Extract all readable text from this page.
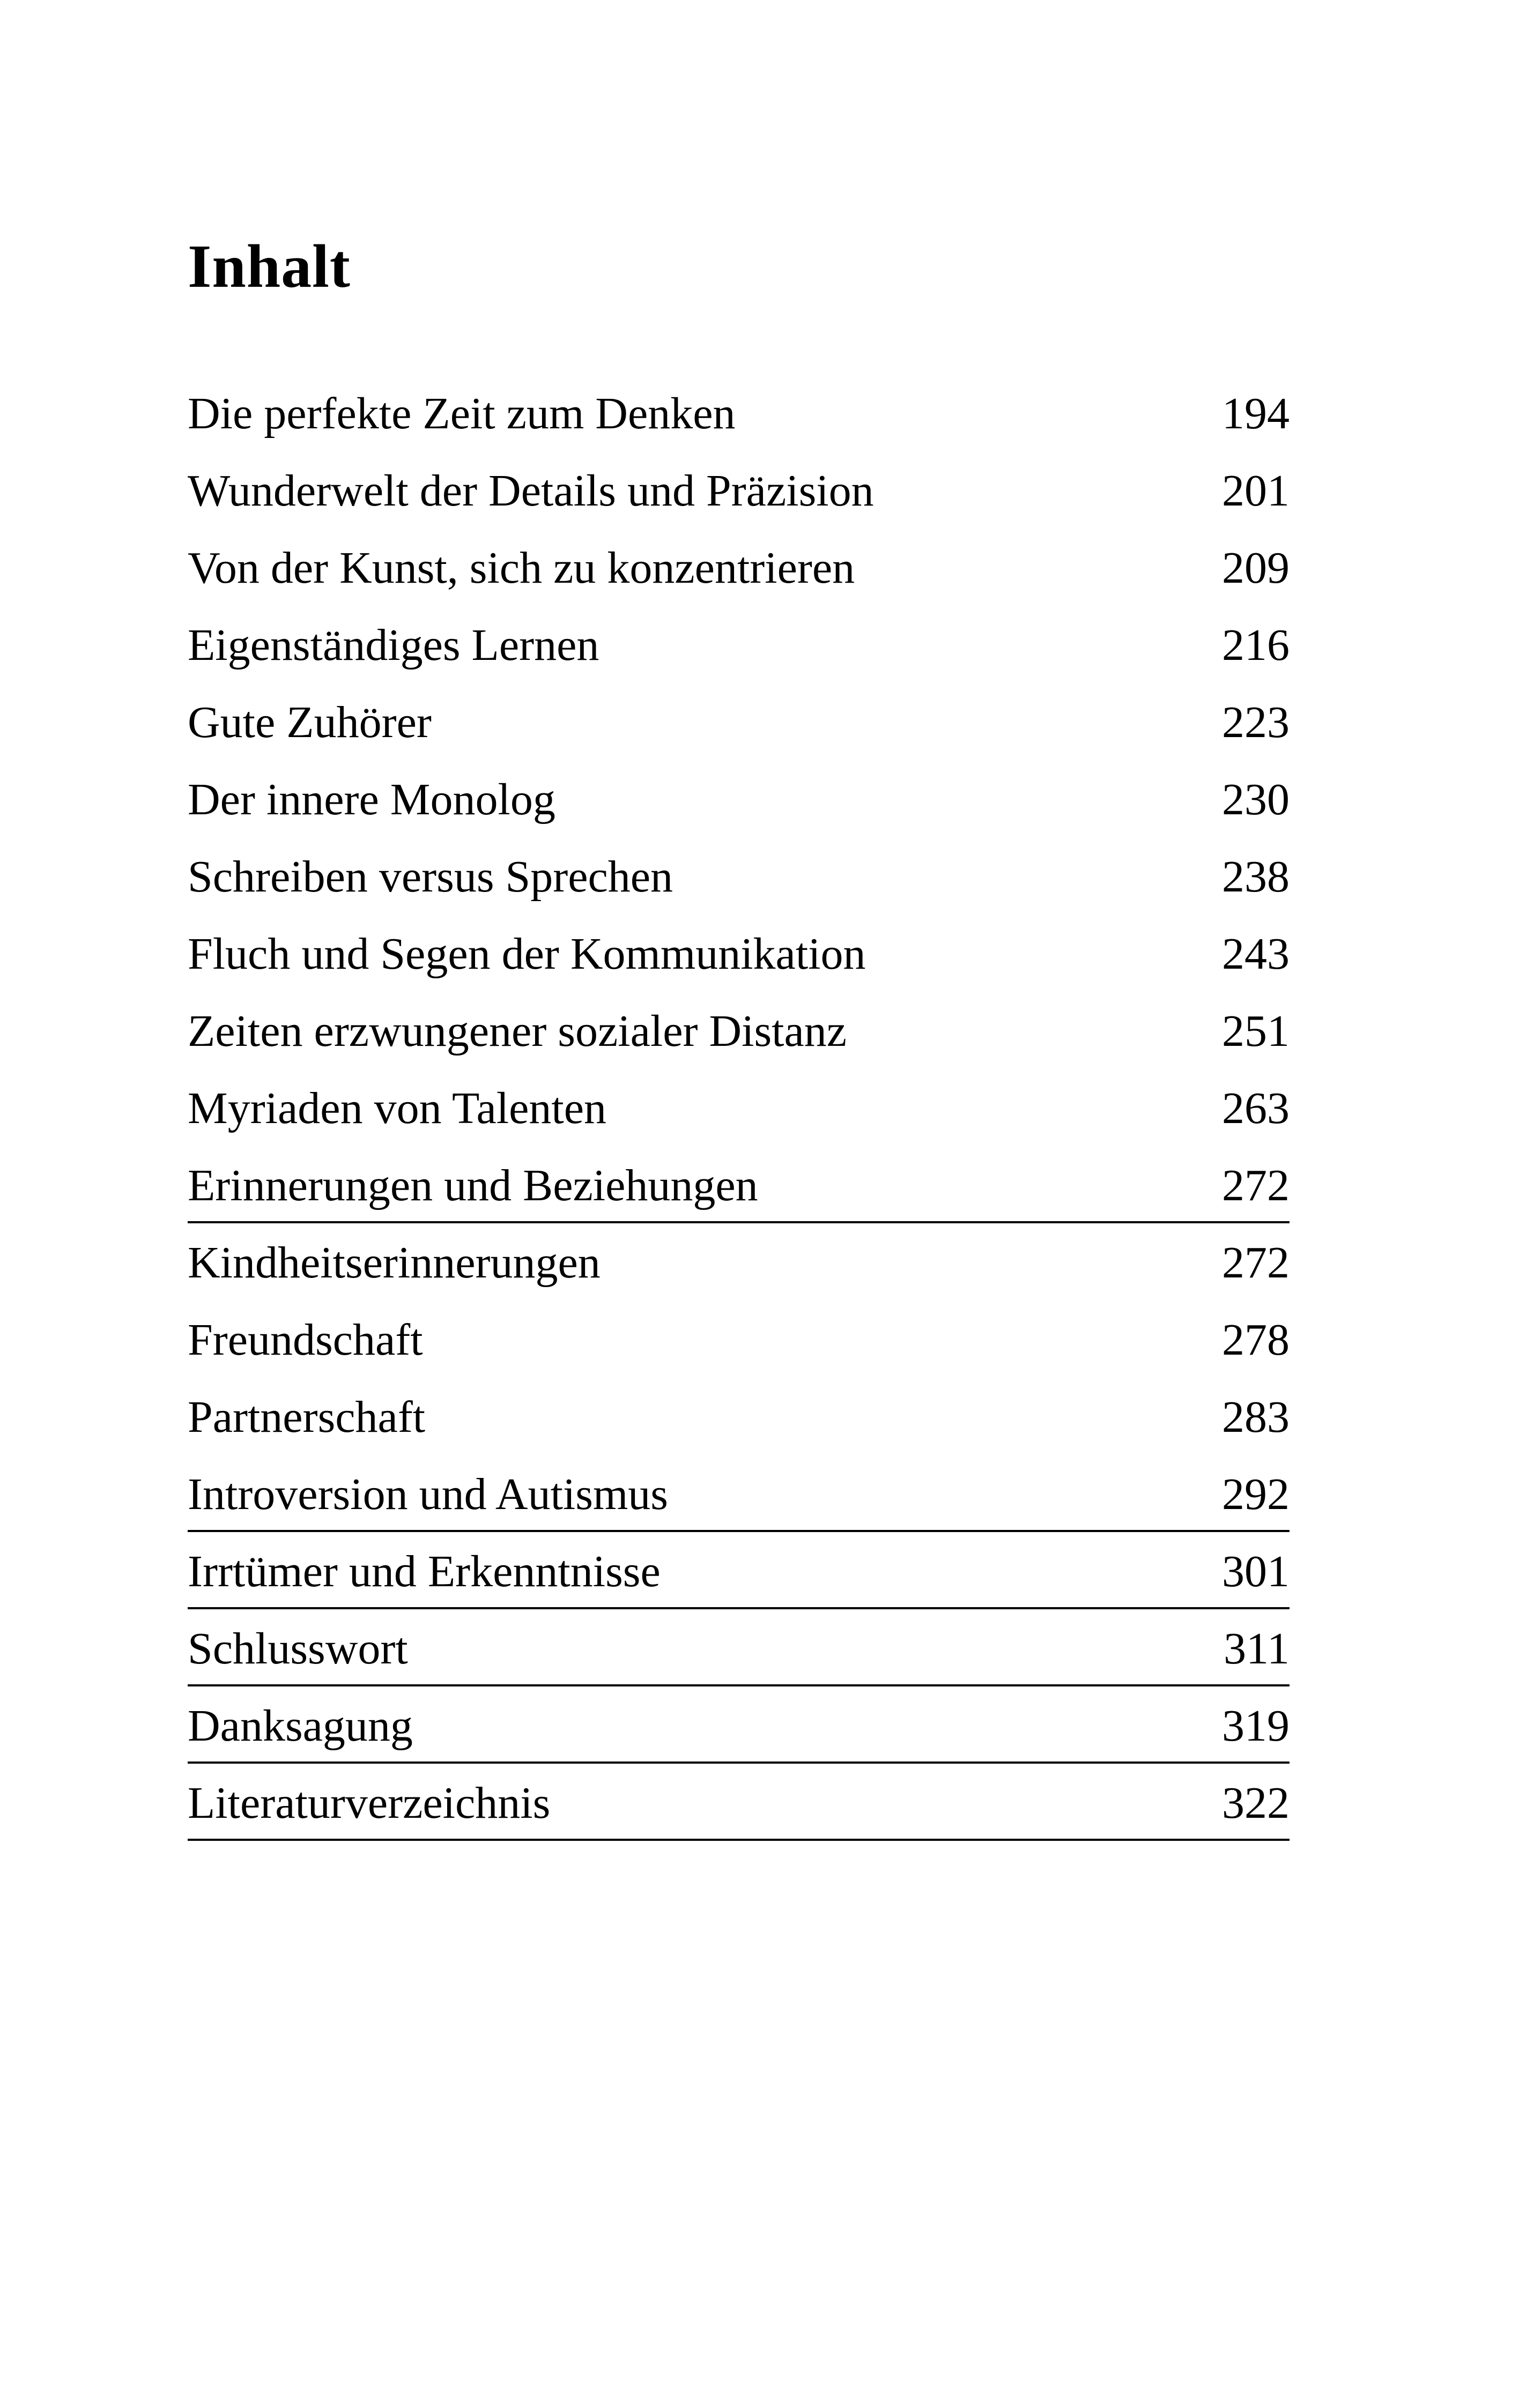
Inhalt
Die perfekte Zeit zum Denken	194
Wunderwelt der Details und Präzision	201
Von der Kunst, sich zu konzentrieren	209
Eigenständiges Lernen	216
Gute Zuhörer	223
Der innere Monolog	230
Schreiben versus Sprechen	238
Fluch und Segen der Kommunikation	243
Zeiten erzwungener sozialer Distanz	251
Myriaden von Talenten	263
Erinnerungen und Beziehungen	272
Kindheitserinnerungen	272
Freundschaft	278
Partnerschaft	283
Introversion und Autismus	292
Irrtümer und Erkenntnisse	301
Schlusswort	311
Danksagung	319
Literaturverzeichnis	322
